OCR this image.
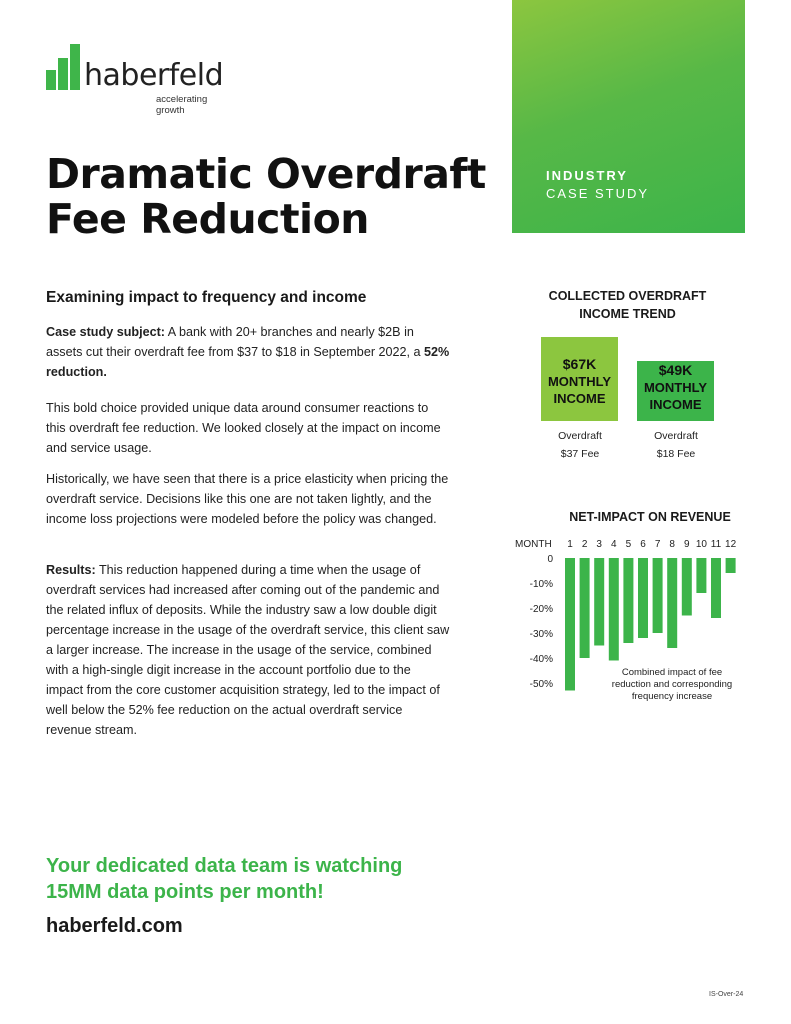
haberfeld
accelerating growth
INDUSTRY
CASE STUDY
Dramatic Overdraft
Fee Reduction
Examining impact to frequency and income
Case study subject: A bank with 20+ branches and nearly $2B in assets cut their overdraft fee from $37 to $18 in September 2022, a 52% reduction.
This bold choice provided unique data around consumer reactions to this overdraft fee reduction. We looked closely at the impact on income and service usage.
Historically, we have seen that there is a price elasticity when pricing the overdraft service. Decisions like this one are not taken lightly, and the income loss projections were modeled before the policy was changed.
Results: This reduction happened during a time when the usage of overdraft services had increased after coming out of the pandemic and the related influx of deposits. While the industry saw a low double digit percentage increase in the usage of the overdraft service, this client saw a larger increase. The increase in the usage of the service, combined with a high-single digit increase in the account portfolio due to the impact from the core customer acquisition strategy, led to the impact of well below the 52% fee reduction on the actual overdraft service revenue stream.
COLLECTED OVERDRAFT
INCOME TREND
$67K
MONTHLY
INCOME
$49K
MONTHLY
INCOME
Overdraft
$37 Fee
Overdraft
$18 Fee
NET-IMPACT ON REVENUE
MONTH 1 2 3 4 5 6 7 8 9 10 11 12
0
-10%
-20%
-30%
-40%
-50%
Combined impact of fee
reduction and corresponding
frequency increase
Your dedicated data team is watching
15MM data points per month!
haberfeld.com
IS-Over-24
